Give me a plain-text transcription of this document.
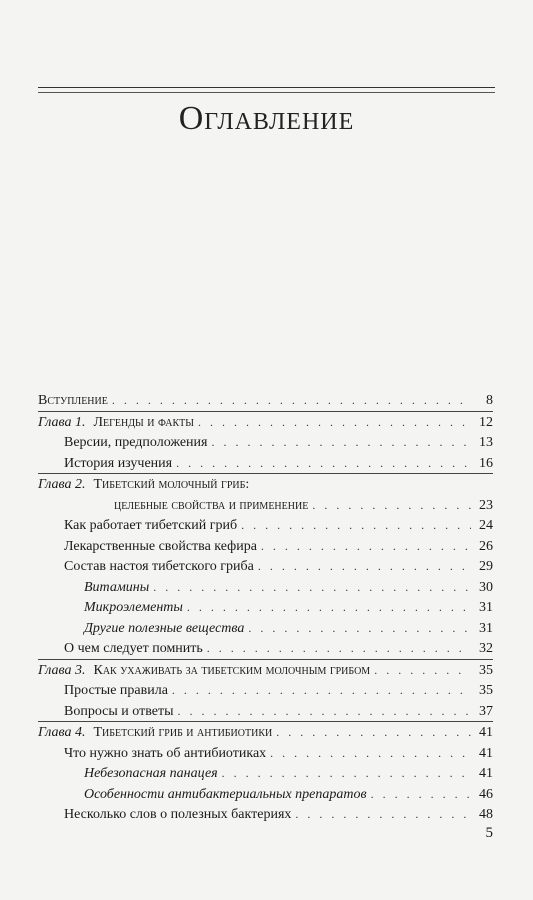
Оглавление
Вступление . . .	8
Глава 1. Легенды и факты . . .	12
Версии, предположения . . .	13
История изучения . . .	16
Глава 2. Тибетский молочный гриб:
целебные свойства и применение . . .	23
Как работает тибетский гриб . . .	24
Лекарственные свойства кефира . . .	26
Состав настоя тибетского гриба . . .	29
Витамины . . .	30
Микроэлементы . . .	31
Другие полезные вещества . . .	31
О чем следует помнить . . .	32
Глава 3. Как ухаживать за тибетским молочным грибом . . .	35
Простые правила . . .	35
Вопросы и ответы . . .	37
Глава 4. Тибетский гриб и антибиотики . . .	41
Что нужно знать об антибиотиках . . .	41
Небезопасная панацея . . .	41
Особенности антибактериальных препаратов . . .	46
Несколько слов о полезных бактериях . . .	48
5
